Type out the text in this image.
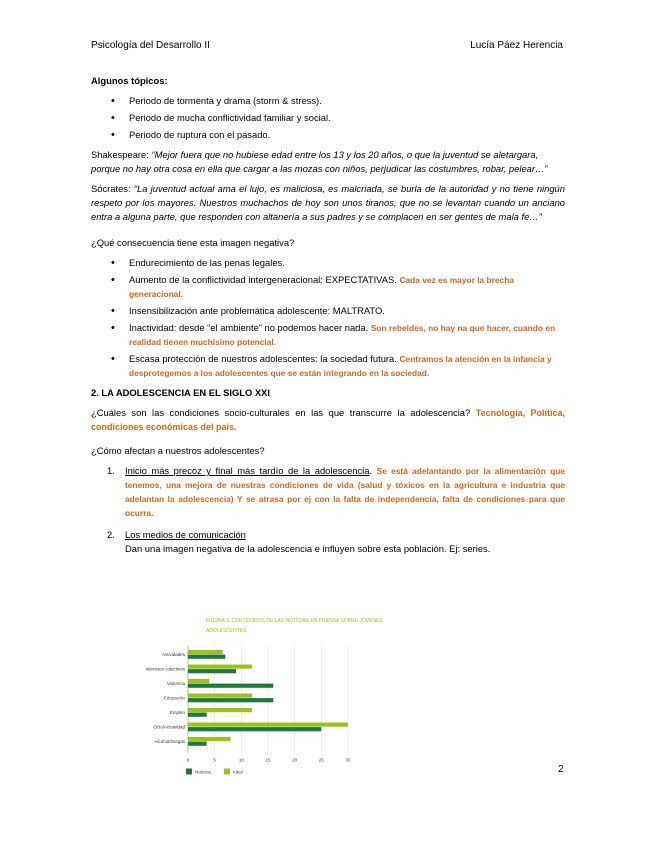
Psicología del Desarrollo II	Lucía Páez Herencia
Algunos tópicos:
• Periodo de tormenta y drama (storm & stress).
• Periodo de mucha conflictividad familiar y social.
• Periodo de ruptura con el pasado.

Shakespeare: “Mejor fuera que no hubiese edad entre los 13 y los 20 años, o que la juventud se aletargara, porque no hay otra cosa en ella que cargar a las mozas con niños, perjudicar las costumbres, robar, pelear…”

Sócrates: “La juventud actual ama el lujo, es maliciosa, es malcriada, se burla de la autoridad y no tiene ningún respeto por los mayores. Nuestros muchachos de hoy son unos tiranos, que no se levantan cuando un anciano entra a alguna parte, que responden con altanería a sus padres y se complacen en ser gentes de mala fe…”

¿Qué consecuencia tiene esta imagen negativa?

• Endurecimiento de las penas legales.
• Aumento de la conflictividad intergeneracional: EXPECTATIVAS. Cada vez es mayor la brecha generacional.
• Insensibilización ante problemática adolescente: MALTRATO.
• Inactividad: desde “el ambiente” no podemos hacer nada. Son rebeldes, no hay na que hacer, cuando en realidad tienen muchísimo potencial.
• Escasa protección de nuestros adolescentes: la sociedad futura. Centramos la atención en la infancia y desprotegemos a los adolescentes que se están integrando en la sociedad.
2. LA ADOLESCENCIA EN EL SIGLO XXI

¿Cuáles son las condiciones socio-culturales en las que transcurre la adolescencia? Tecnología, Política, condiciones económicas del país.

¿Cómo afectan a nuestros adolescentes?

1. Inicio más precoz y final más tardío de la adolescencia. Se está adelantando por la alimentación que tenemos, una mejora de nuestras condiciones de vida (salud y tóxicos en la agricultura e industria que adelantan la adolescencia) Y se atrasa por ej con la falta de independencia, falta de condiciones para que ocurra.
2. Los medios de comunicación
Dan una imagen negativa de la adolescencia e influyen sobre esta población. Ej: series.
FIGURA 3. CONTENIDOS DE LAS NOTICIAS EN PRENSA SOBRE JÓVENES
ADOLESCENTES
Actividades
Intereses colectivos
Violencia
Educación
Empleo
Ocio/Actualidad
Alcohol/Drogas
0	5	10	15	20	25	30
Noticias	Ideal	2
